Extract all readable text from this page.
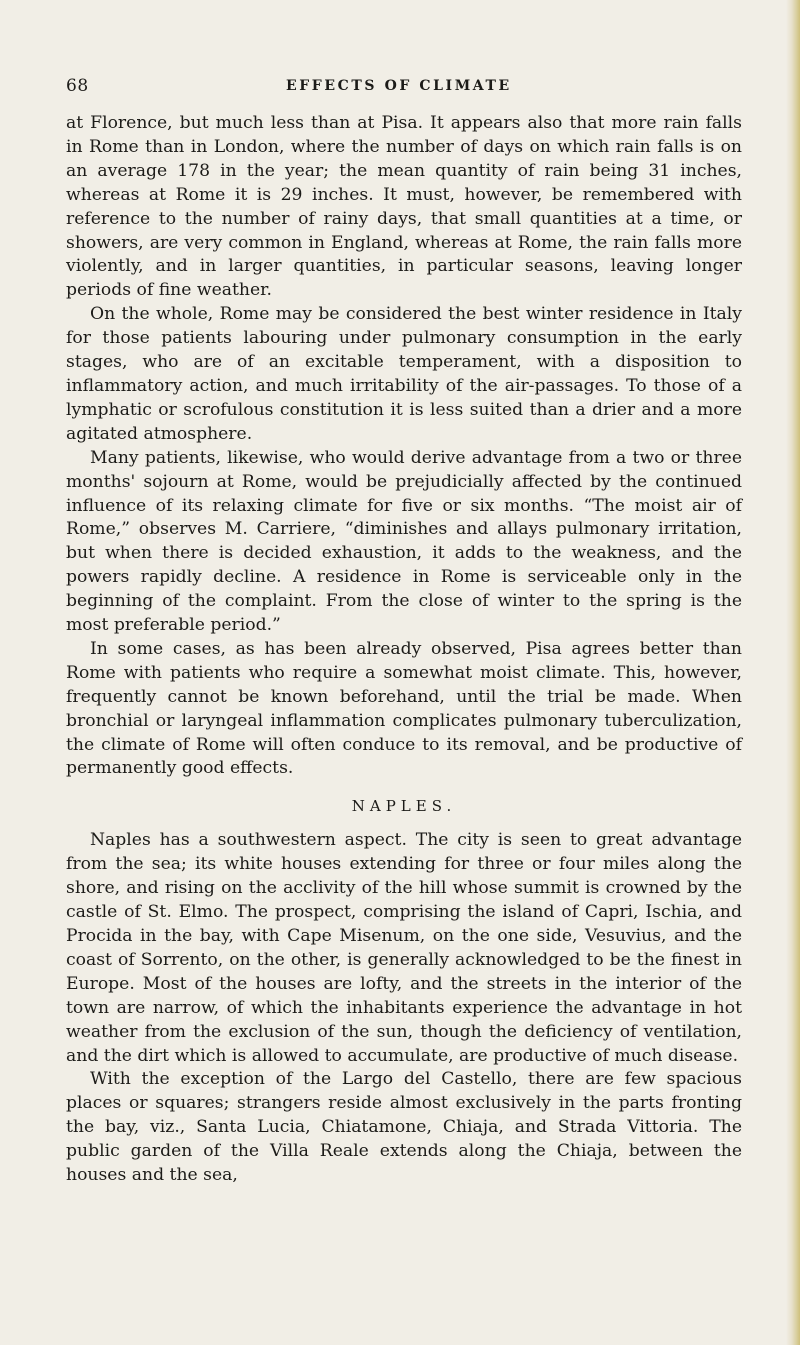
68	EFFECTS OF CLIMATE

at Florence, but much less than at Pisa. It appears also that more rain falls in Rome than in London, where the number of days on which rain falls is on an average 178 in the year; the mean quantity of rain being 31 inches, whereas at Rome it is 29 inches. It must, however, be remembered with reference to the number of rainy days, that small quantities at a time, or showers, are very common in England, whereas at Rome, the rain falls more violently, and in larger quantities, in particular seasons, leaving longer periods of fine weather.

On the whole, Rome may be considered the best winter residence in Italy for those patients labouring under pulmonary consumption in the early stages, who are of an excitable temperament, with a disposition to inflammatory action, and much irritability of the air-passages. To those of a lymphatic or scrofulous constitution it is less suited than a drier and a more agitated atmosphere.

Many patients, likewise, who would derive advantage from a two or three months' sojourn at Rome, would be prejudicially affected by the continued influence of its relaxing climate for five or six months. “The moist air of Rome,” observes M. Carriere, “diminishes and allays pulmonary irritation, but when there is decided exhaustion, it adds to the weakness, and the powers rapidly decline. A residence in Rome is serviceable only in the beginning of the complaint. From the close of winter to the spring is the most preferable period.”

In some cases, as has been already observed, Pisa agrees better than Rome with patients who require a somewhat moist climate. This, however, frequently cannot be known beforehand, until the trial be made. When bronchial or laryngeal inflammation complicates pulmonary tuberculization, the climate of Rome will often conduce to its removal, and be productive of permanently good effects.

NAPLES.

Naples has a southwestern aspect. The city is seen to great advantage from the sea; its white houses extending for three or four miles along the shore, and rising on the acclivity of the hill whose summit is crowned by the castle of St. Elmo. The prospect, comprising the island of Capri, Ischia, and Procida in the bay, with Cape Misenum, on the one side, Vesuvius, and the coast of Sorrento, on the other, is generally acknowledged to be the finest in Europe. Most of the houses are lofty, and the streets in the interior of the town are narrow, of which the inhabitants experience the advantage in hot weather from the exclusion of the sun, though the deficiency of ventilation, and the dirt which is allowed to accumulate, are productive of much disease.

With the exception of the Largo del Castello, there are few spacious places or squares; strangers reside almost exclusively in the parts fronting the bay, viz., Santa Lucia, Chiatamone, Chiaja, and Strada Vittoria. The public garden of the Villa Reale extends along the Chiaja, between the houses and the sea,
